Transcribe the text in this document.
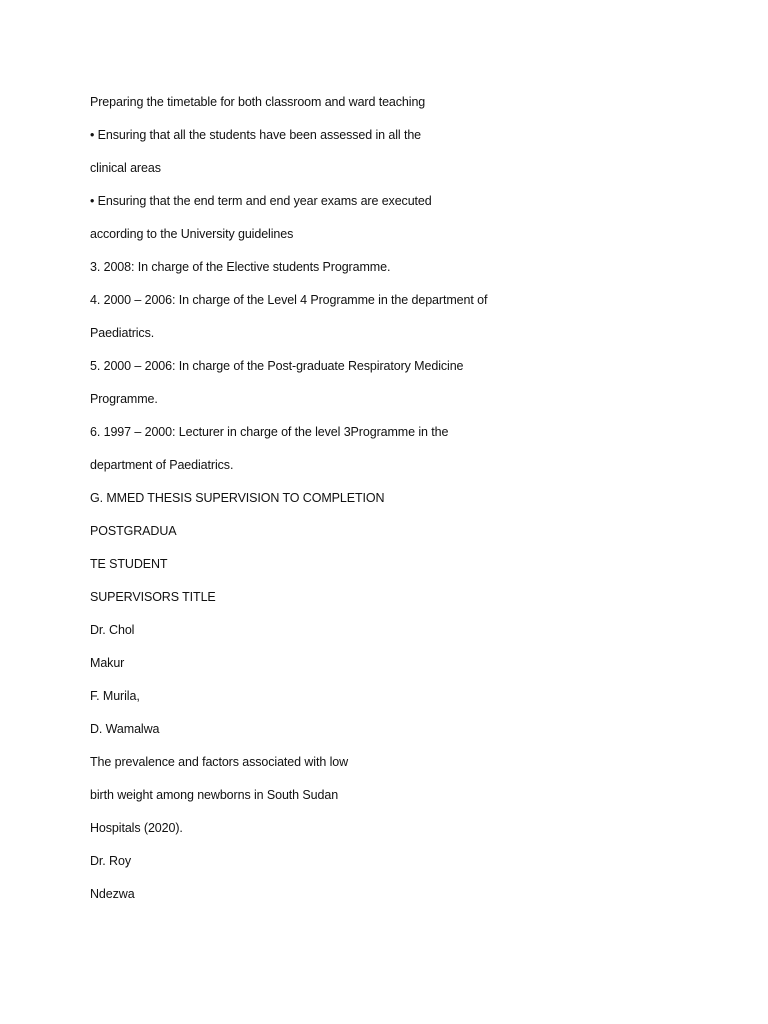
Preparing the timetable for both classroom and ward teaching
• Ensuring that all the students have been assessed in all the
clinical areas
• Ensuring that the end term and end year exams are executed
according to the University guidelines
3. 2008: In charge of the Elective students Programme.
4. 2000 – 2006: In charge of the Level 4 Programme in the department of
Paediatrics.
5. 2000 – 2006: In charge of the Post-graduate Respiratory Medicine
Programme.
6. 1997 – 2000: Lecturer in charge of the level 3Programme in the
department of Paediatrics.
G. MMED THESIS SUPERVISION TO COMPLETION
POSTGRADUA
TE STUDENT
SUPERVISORS TITLE
Dr. Chol
Makur
F. Murila,
D. Wamalwa
The prevalence and factors associated with low
birth weight among newborns in South Sudan
Hospitals (2020).
Dr. Roy
Ndezwa
